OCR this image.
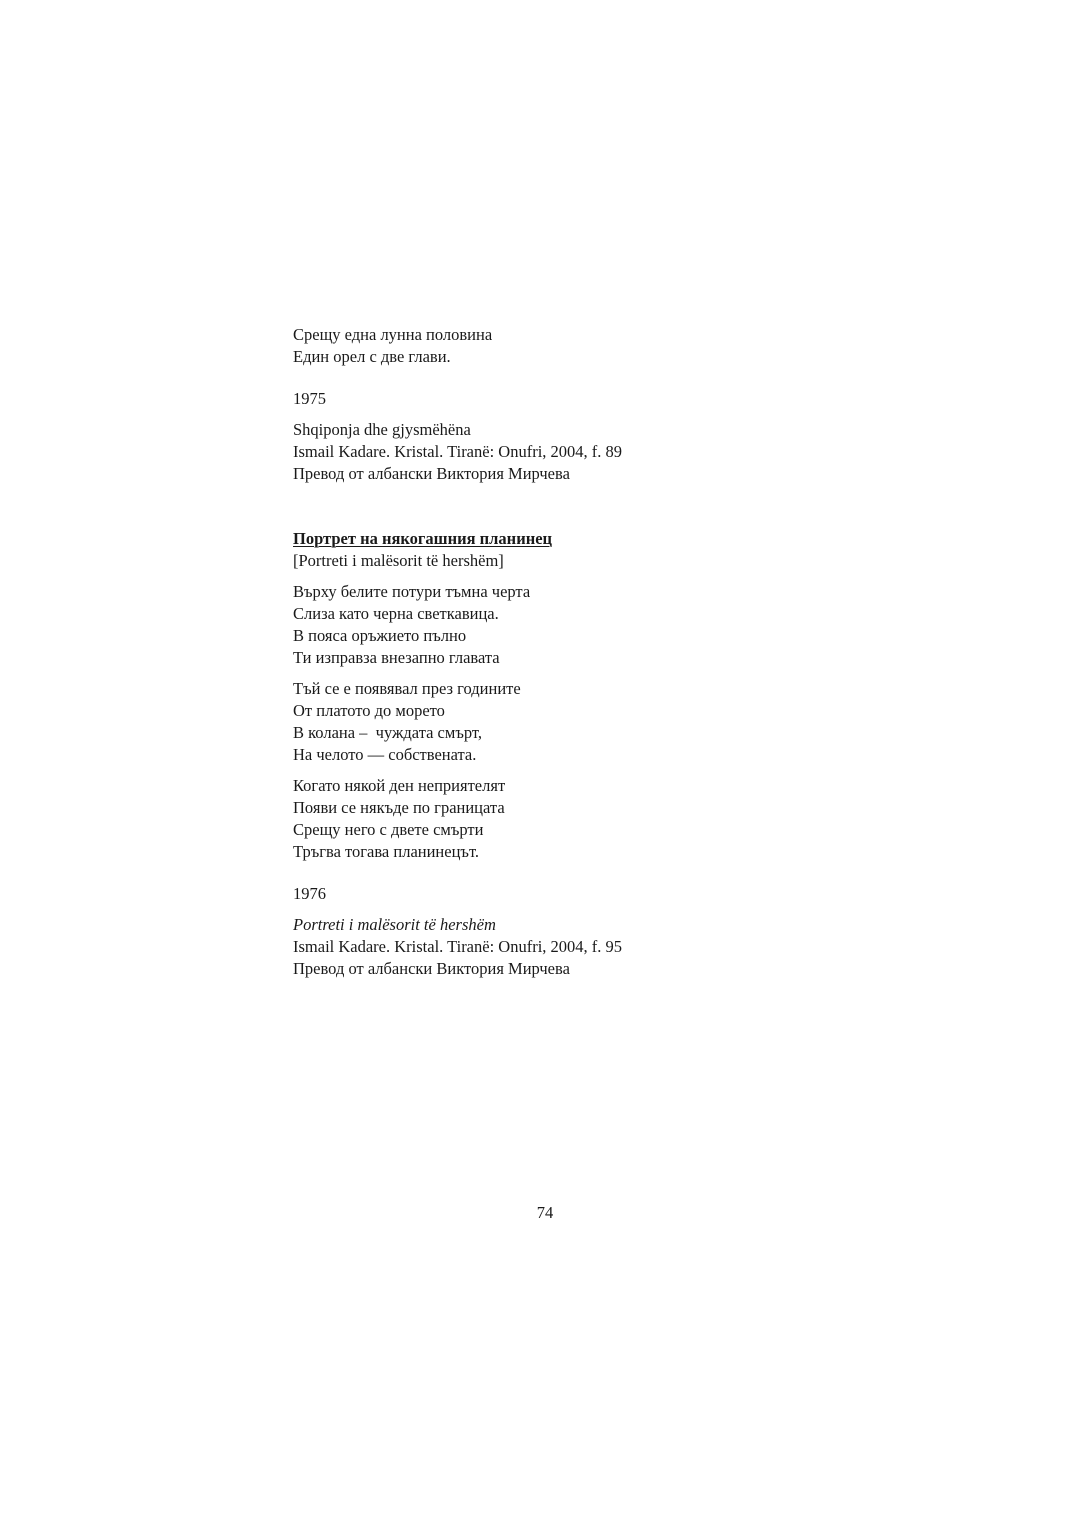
Срещу една лунна половина
Един орел с две глави.
1975
Shqiponja dhe gjysmëhëna
Ismail Kadare. Kristal. Tiranë: Onufri, 2004, f. 89
Превод от албански Виктория Мирчева
Портрет на някогашния планинец
[Portreti i malësorit të hershëm]
Върху белите потури тъмна черта
Слиза като черна светкавица.
В пояса оръжието пълно
Ти изправза внезапно главата
Тъй се е появявал през годините
От платото до морето
В колана –  чуждата смърт,
На челото — собствената.
Когато някой ден неприятелят
Появи се някъде по границата
Срещу него с двете смърти
Тръгва тогава планинецът.
1976
Portreti i malësorit të hershëm
Ismail Kadare. Kristal. Tiranë: Onufri, 2004, f. 95
Превод от албански Виктория Мирчева
74
